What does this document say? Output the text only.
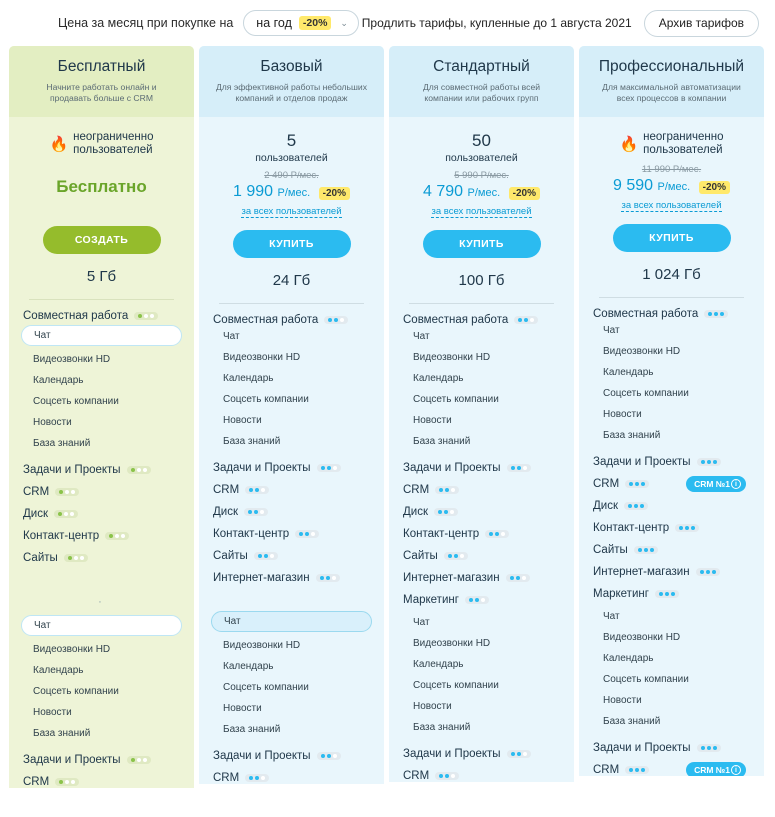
Цена за месяц при покупке на на год	-20%	⌄ Продлить тарифы, купленные до 1 августа 2021	Архив тарифов
Бесплатный
Начните работать онлайн и продавать больше с CRM
🔥 неограниченно
пользователей
Бесплатно
СОЗДАТЬ
5 Гб
Совместная работа
Чат
Видеозвонки HD
Календарь
Соцсеть компании
Новости
База знаний
Задачи и Проекты
CRM
Диск
Контакт-центр
Сайты
·
Чат
Видеозвонки HD
Календарь
Соцсеть компании
Новости
База знаний
Задачи и Проекты
CRM
Базовый
Для эффективной работы небольших компаний и отделов продаж
5
пользователей
2 490 Р/мес.
1 990 Р/мес. -20%
за всех пользователей
КУПИТЬ
24 Гб
Совместная работа
Чат
Видеозвонки HD
Календарь
Соцсеть компании
Новости
База знаний
Задачи и Проекты
CRM
Диск
Контакт-центр
Сайты
Интернет-магазин

Чат
Видеозвонки HD
Календарь
Соцсеть компании
Новости
База знаний
Задачи и Проекты
CRM
Стандартный
Для совместной работы всей компании или рабочих групп
50
пользователей
5 990 Р/мес.
4 790 Р/мес. -20%
за всех пользователей
КУПИТЬ
100 Гб
Совместная работа
Чат
Видеозвонки HD
Календарь
Соцсеть компании
Новости
База знаний
Задачи и Проекты
CRM
Диск
Контакт-центр
Сайты
Интернет-магазин
Маркетинг
Чат
Видеозвонки HD
Календарь
Соцсеть компании
Новости
База знаний
Задачи и Проекты
CRM
Профессиональный
Для максимальной автоматизации всех процессов в компании
🔥 неограниченно
пользователей
11 990 Р/мес.
9 590 Р/мес. -20%
за всех пользователей
КУПИТЬ
1 024 Гб
Совместная работа
Чат
Видеозвонки HD
Календарь
Соцсеть компании
Новости
База знаний
Задачи и Проекты
CRM	CRM №1 i
Диск
Контакт-центр
Сайты
Интернет-магазин
Маркетинг
Чат
Видеозвонки HD
Календарь
Соцсеть компании
Новости
База знаний
Задачи и Проекты
CRM	CRM №1 i
